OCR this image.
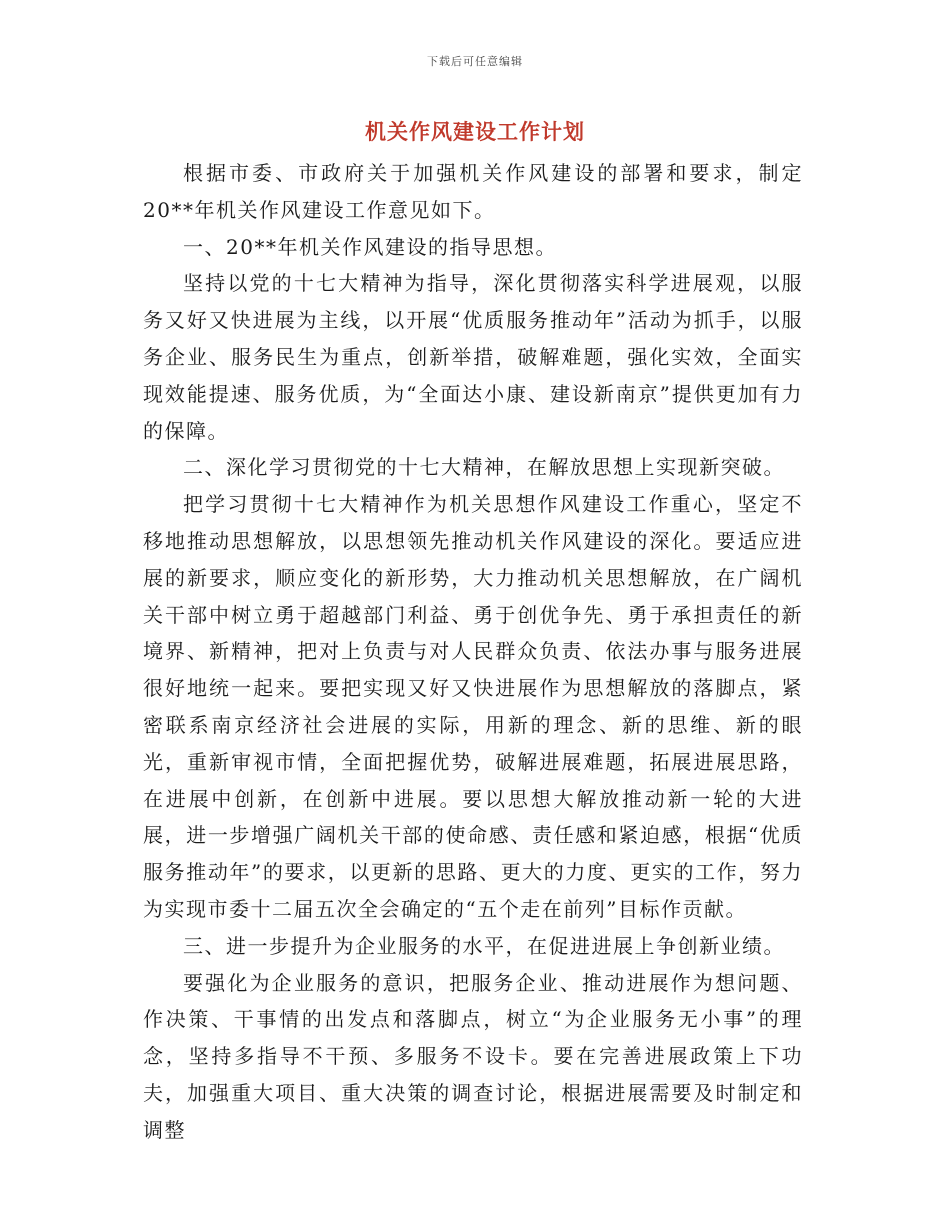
下载后可任意编辑
机关作风建设工作计划

根据市委、市政府关于加强机关作风建设的部署和要求，制定20**年机关作风建设工作意见如下。

一、20**年机关作风建设的指导思想。

坚持以党的十七大精神为指导，深化贯彻落实科学进展观，以服务又好又快进展为主线，以开展“优质服务推动年”活动为抓手，以服务企业、服务民生为重点，创新举措，破解难题，强化实效，全面实现效能提速、服务优质，为“全面达小康、建设新南京”提供更加有力的保障。

二、深化学习贯彻党的十七大精神，在解放思想上实现新突破。

把学习贯彻十七大精神作为机关思想作风建设工作重心，坚定不移地推动思想解放，以思想领先推动机关作风建设的深化。要适应进展的新要求，顺应变化的新形势，大力推动机关思想解放，在广阔机关干部中树立勇于超越部门利益、勇于创优争先、勇于承担责任的新境界、新精神，把对上负责与对人民群众负责、依法办事与服务进展很好地统一起来。要把实现又好又快进展作为思想解放的落脚点，紧密联系南京经济社会进展的实际，用新的理念、新的思维、新的眼光，重新审视市情，全面把握优势，破解进展难题，拓展进展思路，在进展中创新，在创新中进展。要以思想大解放推动新一轮的大进展，进一步增强广阔机关干部的使命感、责任感和紧迫感，根据“优质服务推动年”的要求，以更新的思路、更大的力度、更实的工作，努力为实现市委十二届五次全会确定的“五个走在前列”目标作贡献。

三、进一步提升为企业服务的水平，在促进进展上争创新业绩。

要强化为企业服务的意识，把服务企业、推动进展作为想问题、作决策、干事情的出发点和落脚点，树立“为企业服务无小事”的理念，坚持多指导不干预、多服务不设卡。要在完善进展政策上下功夫，加强重大项目、重大决策的调查讨论，根据进展需要及时制定和调整
